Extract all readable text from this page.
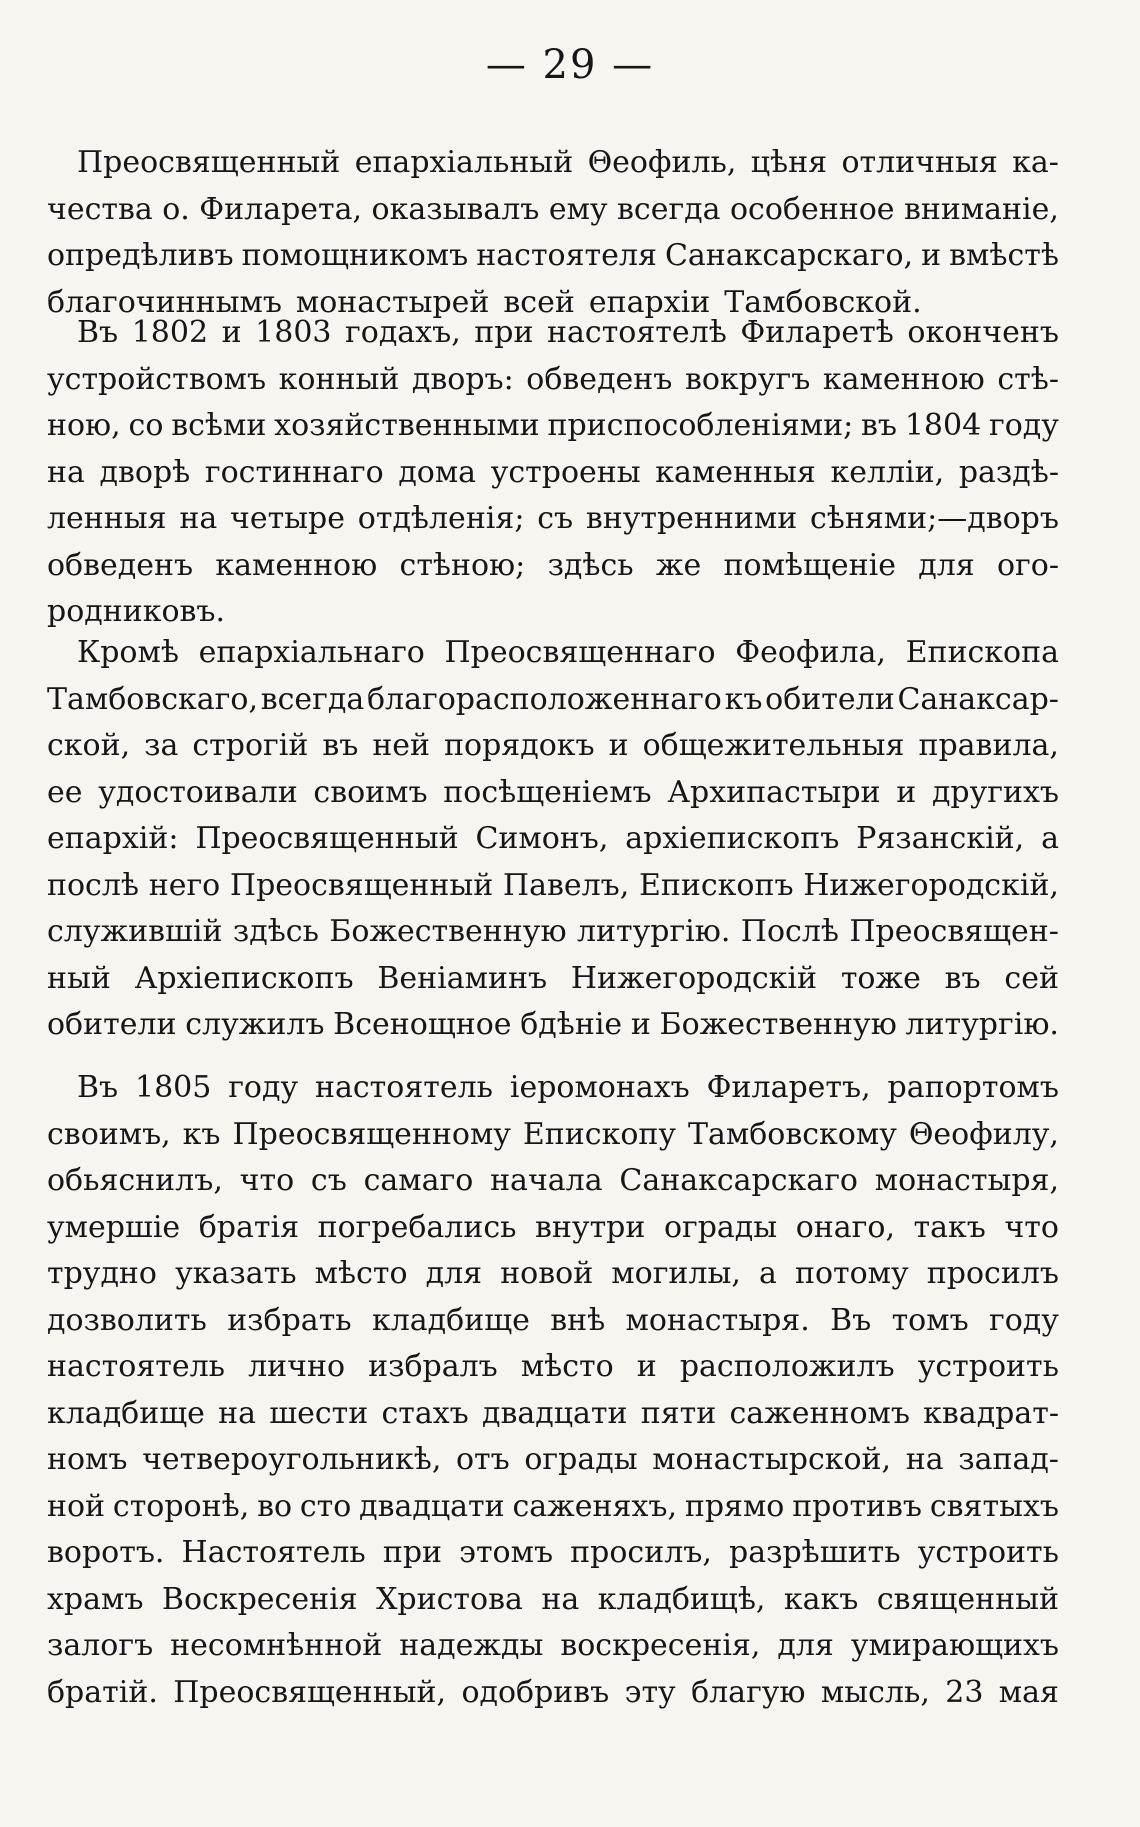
— 29 —
Преосвященный епархіальный Θеофиль, цѣня отличныя ка-
чества о. Филарета, оказывалъ ему всегда особенное вниманіе,
опредѣливъ помощникомъ настоятеля Санаксарскаго, и вмѣстѣ
благочиннымъ монастырей всей епархіи Тамбовской.
Въ 1802 и 1803 годахъ, при настоятелѣ Филаретѣ оконченъ
устройствомъ конный дворъ: обведенъ вокругъ каменною стѣ-
ною, со всѣми хозяйственными приспособленіями; въ 1804 году
на дворѣ гостиннаго дома устроены каменныя келліи, раздѣ-
ленныя на четыре отдѣленія; съ внутренними сѣнями;—дворъ
обведенъ каменною стѣною; здѣсь же помѣщеніе для огo-
родниковъ.
Кромѣ епархіальнаго Преосвященнаго Феофила, Епископа
Тамбовскаго, всегда благорасположеннаго къ обители Санаксар-
ской, за строгій въ ней порядокъ и общежительныя правила,
ее удостоивали своимъ посѣщеніемъ Архипастыри и другихъ
епархій: Преосвященный Симонъ, архіепископъ Рязанскій, а
послѣ него Преосвященный Павелъ, Епископъ Нижегородскій,
служившій здѣсь Божественную литургію. Послѣ Преосвящен-
ный Архіепископъ Веніаминъ Нижегородскій тоже въ сей
обители служилъ Всенощное бдѣніе и Божественную литургію.
Въ 1805 году настоятель іеромонахъ Филаретъ, рапортомъ
своимъ, къ Преосвященному Епископу Тамбовскому Θеофилу,
обьяснилъ, что съ самаго начала Санаксарскаго монастыря,
умершіе братія погребались внутри ограды онаго, такъ что
трудно указать мѣсто для новой могилы, а потому просилъ
дозволить избрать кладбище внѣ монастыря. Въ томъ году
настоятель лично избралъ мѣсто и расположилъ устроить
кладбище на шести стахъ двадцати пяти саженномъ квадрат-
номъ четвероугольникѣ, отъ ограды монастырской, на запад-
ной сторонѣ, во сто двадцати саженяхъ, прямо противъ святыхъ
воротъ. Настоятель при этомъ просилъ, разрѣшить устроить
храмъ Воскресенія Христова на кладбищѣ, какъ священный
залогъ несомнѣнной надежды воскресенія, для умирающихъ
братій. Преосвященный, одобривъ эту благую мысль, 23 мая
